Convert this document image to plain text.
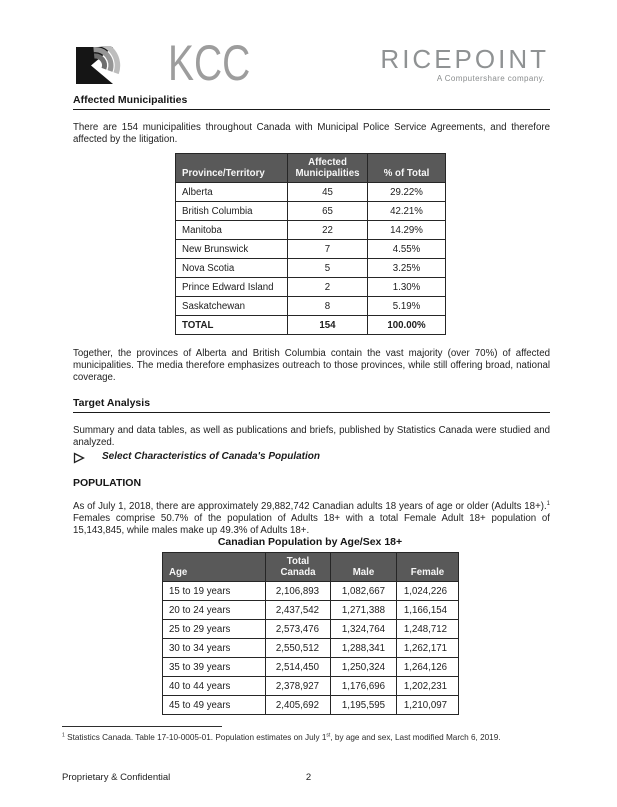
KCC	RICEPOINT
A Computershare company.
Affected Municipalities

There are 154 municipalities throughout Canada with Municipal Police Service Agreements, and therefore affected by the litigation.

Province/Territory	Affected Municipalities	% of Total
Alberta	45	29.22%
British Columbia	65	42.21%
Manitoba	22	14.29%
New Brunswick	7	4.55%
Nova Scotia	5	3.25%
Prince Edward Island	2	1.30%
Saskatchewan	8	5.19%
TOTAL	154	100.00%

Together, the provinces of Alberta and British Columbia contain the vast majority (over 70%) of affected municipalities. The media therefore emphasizes outreach to those provinces, while still offering broad, national coverage.

Target Analysis

Summary and data tables, as well as publications and briefs, published by Statistics Canada were studied and analyzed.

Select Characteristics of Canada's Population
POPULATION

As of July 1, 2018, there are approximately 29,882,742 Canadian adults 18 years of age or older (Adults 18+).$^1$ Females comprise 50.7% of the population of Adults 18+ with a total Female Adult 18+ population of 15,143,845, while males make up 49.3% of Adults 18+.

Canadian Population by Age/Sex 18+
Age	Total Canada	Male	Female
15 to 19 years	2,106,893	1,082,667	1,024,226
20 to 24 years	2,437,542	1,271,388	1,166,154
25 to 29 years	2,573,476	1,324,764	1,248,712
30 to 34 years	2,550,512	1,288,341	1,262,171
35 to 39 years	2,514,450	1,250,324	1,264,126
40 to 44 years	2,378,927	1,176,696	1,202,231
45 to 49 years	2,405,692	1,195,595	1,210,097
$^1$ Statistics Canada. Table 17-10-0005-01. Population estimates on July 1st, by age and sex, Last modified March 6, 2019.
Proprietary & Confidential	2
